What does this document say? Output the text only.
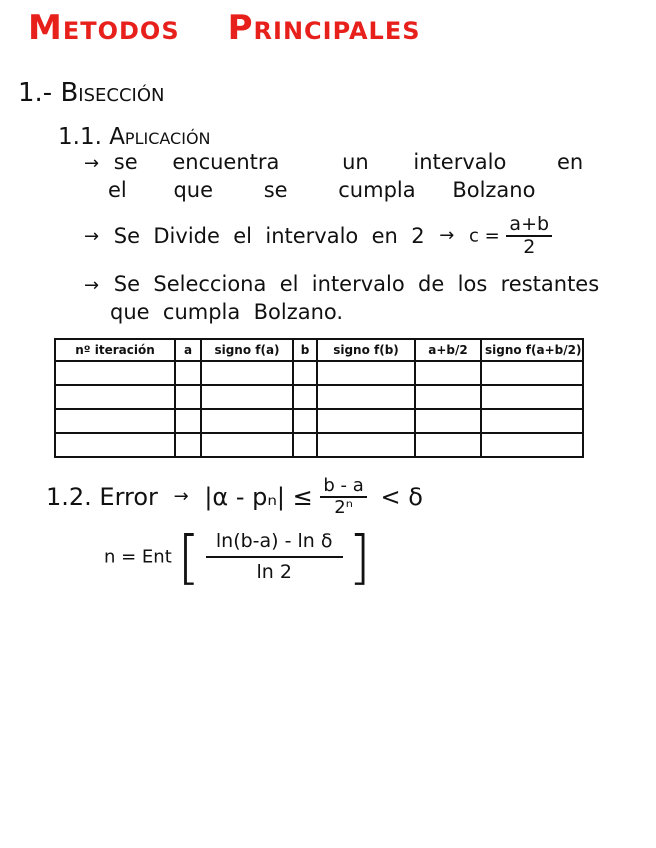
Metodos Principales
1.- Bisección
1.1. Aplicación
→ se encuentra	un intervalo en
el que se cumpla Bolzano
→ Se  Divide  el  intervalo  en  $2 \to c = \frac{a+b}{2}$
→ Se  Selecciona  el  intervalo  de  los  restantes
que  cumpla  Bolzano.
nº iteración	a	signo f(a)	b	signo f(b)	a+b/2	signo f(a+b/2)

1.2. Error → $|\alpha - p_n| \le \frac{b - a}{\text{2ⁿ}} < \delta$
n = Ent [ $\frac{\text{ln(b-a) - ln δ}}{\ln 2}$ ]
